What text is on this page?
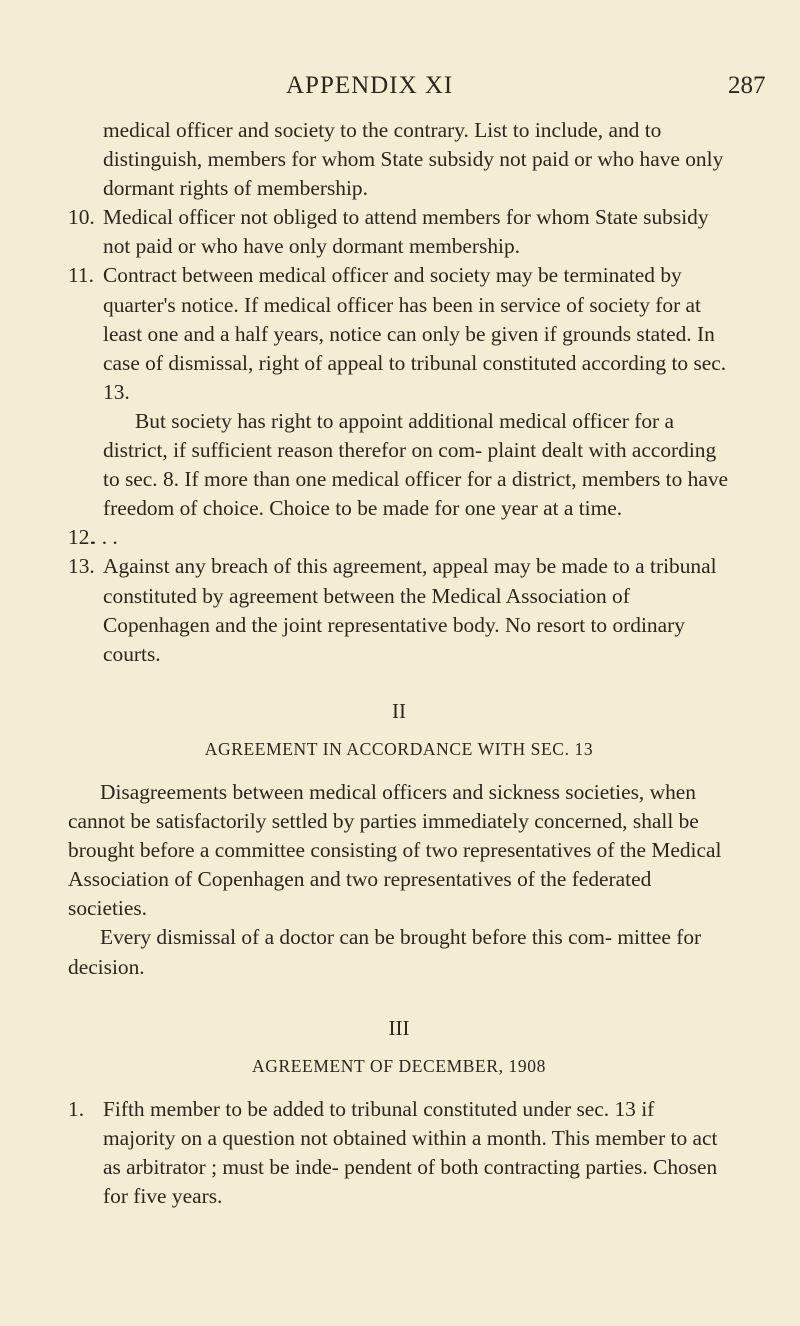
APPENDIX XI	287

medical officer and society to the contrary. List to include, and to distinguish, members for whom State subsidy not paid or who have only dormant rights of membership.

10. Medical officer not obliged to attend members for whom State subsidy not paid or who have only dormant membership.
11. Contract between medical officer and society may be terminated by quarter's notice. If medical officer has been in service of society for at least one and a half years, notice can only be given if grounds stated. In case of dismissal, right of appeal to tribunal constituted according to sec. 13.

But society has right to appoint additional medical officer for a district, if sufficient reason therefor on com- plaint dealt with according to sec. 8. If more than one medical officer for a district, members to have freedom of choice. Choice to be made for one year at a time.

12.
. . .
13. Against any breach of this agreement, appeal may be made to a tribunal constituted by agreement between the Medical Association of Copenhagen and the joint representative body. No resort to ordinary courts.
II
AGREEMENT IN ACCORDANCE WITH SEC. 13

Disagreements between medical officers and sickness societies, when cannot be satisfactorily settled by parties immediately concerned, shall be brought before a committee consisting of two representatives of the Medical Association of Copenhagen and two representatives of the federated societies.

Every dismissal of a doctor can be brought before this com- mittee for decision.

III
AGREEMENT OF DECEMBER, 1908
1. Fifth member to be added to tribunal constituted under sec. 13 if majority on a question not obtained within a month. This member to act as arbitrator ; must be inde- pendent of both contracting parties. Chosen for five years.
